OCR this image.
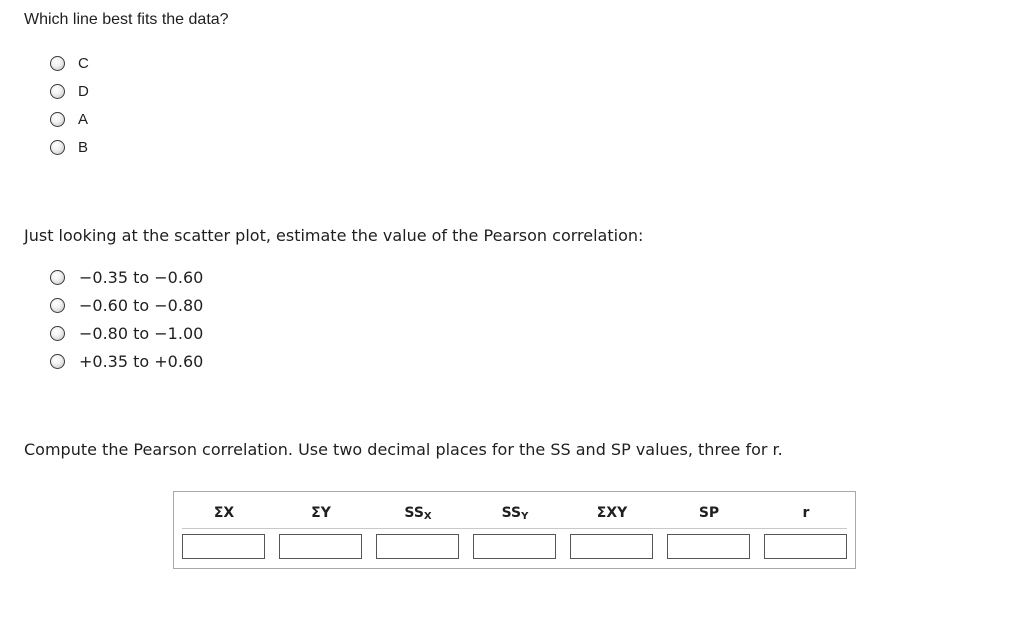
Which line best fits the data?
C
D
A
B
Just looking at the scatter plot, estimate the value of the Pearson correlation:
−0.35 to −0.60
−0.60 to −0.80
−0.80 to −1.00
+0.35 to +0.60
Compute the Pearson correlation. Use two decimal places for the SS and SP values, three for r.
ΣX	ΣY	$SS_X$	$SS_Y$	ΣXY	SP	r
